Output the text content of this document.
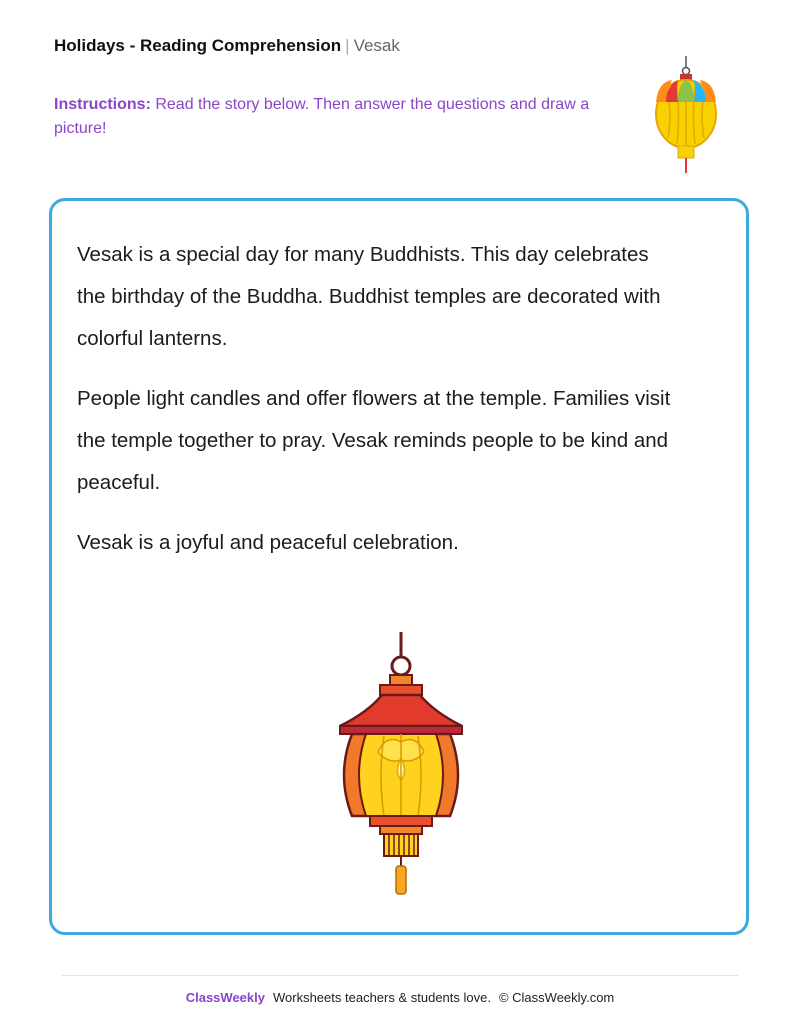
Holidays - Reading Comprehension | Vesak
Instructions: Read the story below. Then answer the questions and draw a picture!

Vesak is a special day for many Buddhists. This day celebrates the birthday of the Buddha. Buddhist temples are decorated with colorful lanterns.

People light candles and offer flowers at the temple. Families visit the temple together to pray. Vesak reminds people to be kind and peaceful.

Vesak is a joyful and peaceful celebration.

ClassWeekly Worksheets teachers & students love. © ClassWeekly.com
